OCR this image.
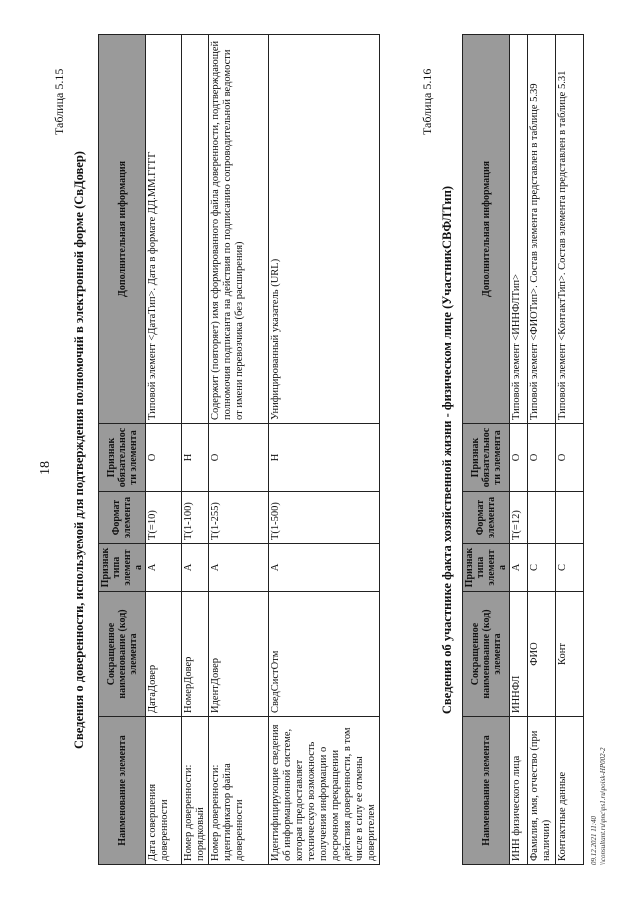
18
Таблица 5.15
Сведения о доверенности, используемой для подтверждения полномочий в электронной форме (СвДовер)
Наименование элемента	Сокращенное наименование (код) элемента	Признак типа элемента	Формат элемента	Признак обязательности элемента	Дополнительная информация
Дата совершения доверенности	ДатаДовер	А	Т(=10)	О	Типовой элемент <ДатаТип>. Дата в формате ДД.ММ.ГГГГ
Номер доверенности: порядковый	НомерДовер	А	Т(1-100)	Н	
Номер доверенности: идентификатор файла доверенности	ИдентДовер	А	Т(1-255)	О	Содержит (повторяет) имя сформированного файла доверенности, подтверждающей полномочия подписанта на действия по подписанию сопроводительной ведомости от имени перевозчика (без расширения)
Идентифицирующие сведения об информационной системе, которая предоставляет техническую возможность получения информации о досрочном прекращении действия доверенности, в том числе в силу ее отмены доверителем	СведСистОтм	А	Т(1-500)	Н	Унифицированный указатель (URL)
Таблица 5.16
Сведения об участнике факта хозяйственной жизни - физическом лице (УчастникСВФЛТип)
Наименование элемента	Сокращенное наименование (код) элемента	Признак типа элемента	Формат элемента	Признак обязательности элемента	Дополнительная информация
ИНН физического лица	ИННФЛ	А	Т(=12)	О	Типовой элемент <ИННФЛТип>
Фамилия, имя, отчество (при наличии)	ФИО	С		О	Типовой элемент <ФИОТип>. Состав элемента представлен в таблице 5.39
Контактные данные	Конт	С		О	Типовой элемент <КонтактТип>. Состав элемента представлен в таблице 5.31
09.12.2021 11:40 \\consultant.ru\pnc\ps1.ru\poisk-HP002-2
